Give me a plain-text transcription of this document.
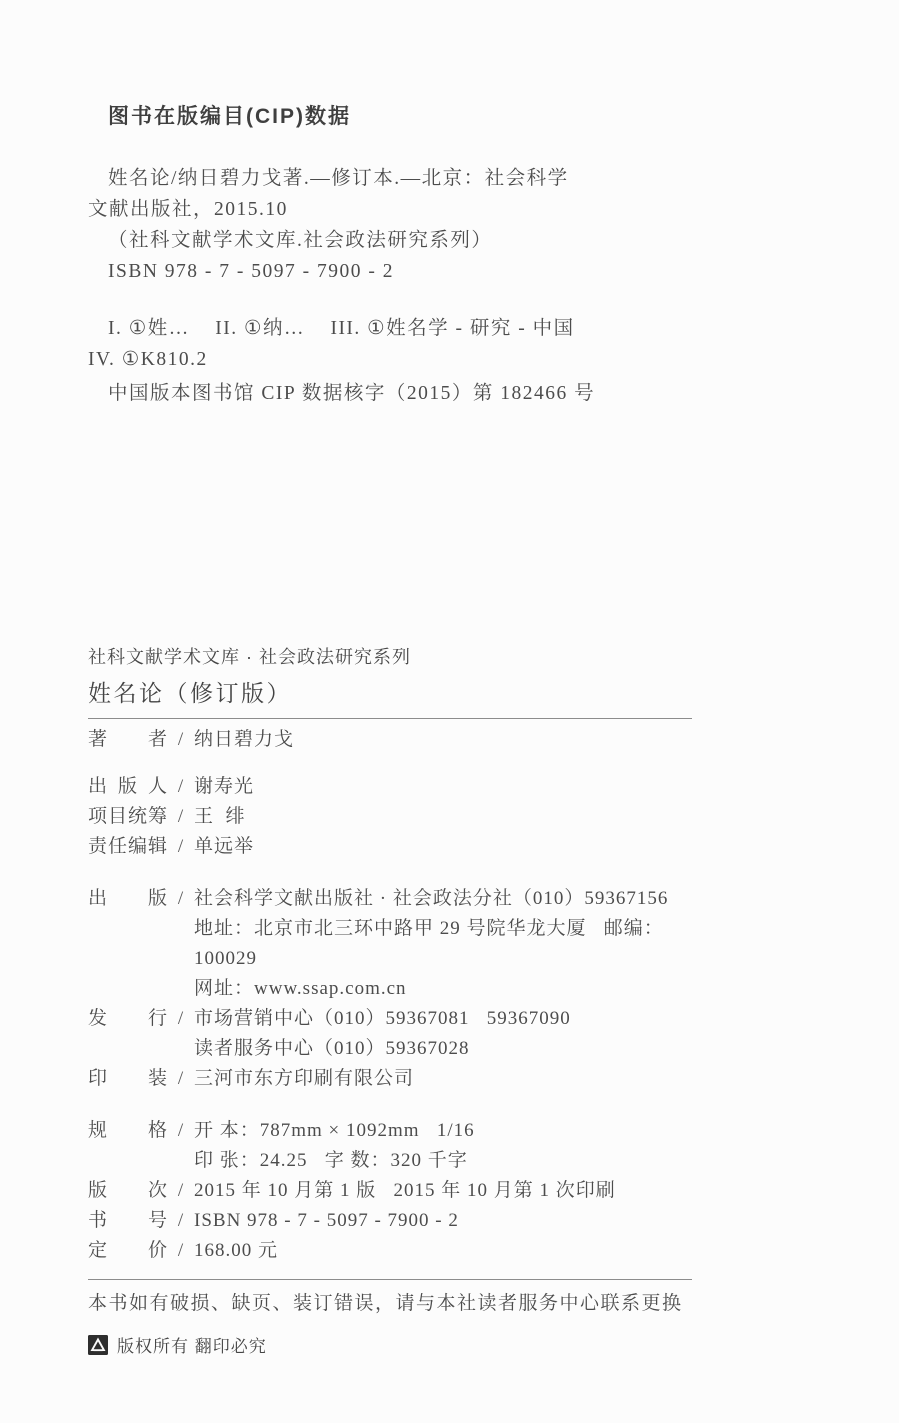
图书在版编目(CIP)数据

姓名论/纳日碧力戈著.—修订本.—北京：社会科学

文献出版社，2015.10

（社科文献学术文库.社会政法研究系列）

ISBN 978 - 7 - 5097 - 7900 - 2

I. ①姓…    II. ①纳…    III. ①姓名学 - 研究 - 中国

IV. ①K810.2

中国版本图书馆 CIP 数据核字（2015）第 182466 号

社科文献学术文库 · 社会政法研究系列

姓名论（修订版）
著 者 / 纳日碧力戈
出 版 人 / 谢寿光
项 目 统 筹 / 王  绯
责 任 编 辑 / 单远举
出 版 / 社会科学文献出版社 · 社会政法分社（010）59367156
地址：北京市北三环中路甲 29 号院华龙大厦   邮编：100029
网址：www.ssap.com.cn
发 行 / 市场营销中心（010）59367081   59367090
读者服务中心（010）59367028
印 装 / 三河市东方印刷有限公司
规 格 / 开 本：787mm × 1092mm   1/16
印 张：24.25   字 数：320 千字
版 次 / 2015 年 10 月第 1 版   2015 年 10 月第 1 次印刷
书 号 / ISBN 978 - 7 - 5097 - 7900 - 2
定 价 / 168.00 元

本书如有破损、缺页、装订错误，请与本社读者服务中心联系更换

版权所有 翻印必究
